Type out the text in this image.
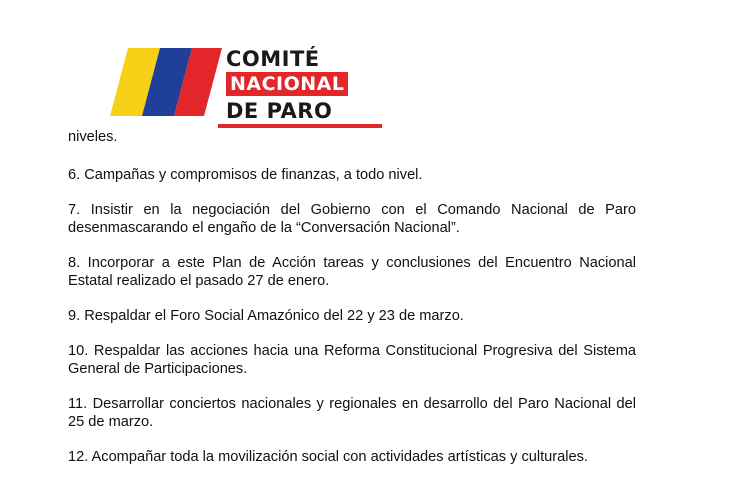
COMITÉ
NACIONAL
DE PARO

niveles.

6. Campañas y compromisos de finanzas, a todo nivel.

7. Insistir en la negociación del Gobierno con el Comando Nacional de Paro desenmascarando el engaño de la “Conversación Nacional”.

8. Incorporar a este Plan de Acción tareas y conclusiones del Encuentro Nacional Estatal realizado el pasado 27 de enero.

9. Respaldar el Foro Social Amazónico del 22 y 23 de marzo.

10. Respaldar las acciones hacia una Reforma Constitucional Progresiva del Sistema General de Participaciones.

11. Desarrollar conciertos nacionales y regionales en desarrollo del Paro Nacional del 25 de marzo.

12. Acompañar toda la movilización social con actividades artísticas y culturales.
